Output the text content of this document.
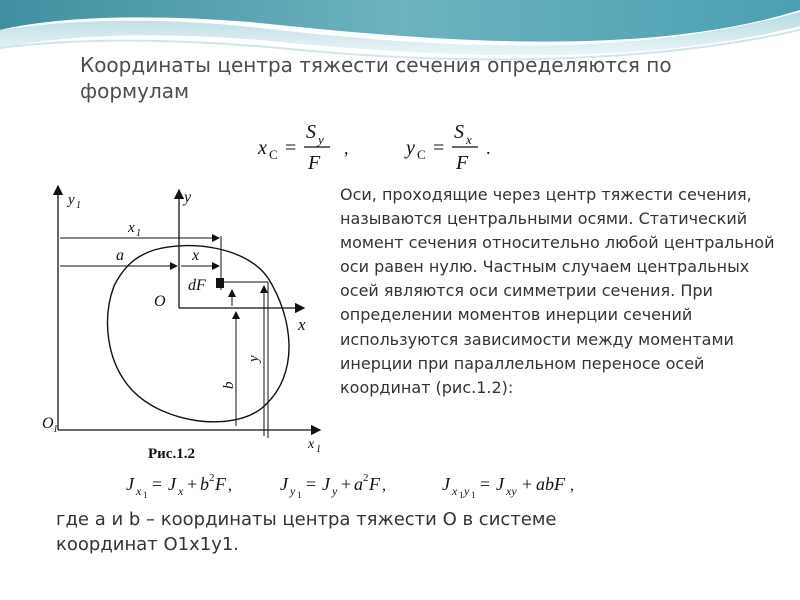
Координаты центра тяжести сечения определяются по формулам
x C =
S y
F
,	y C =
S x
F
.
y 1	y
x 1
a	x
dF
O
x
b
y
O 1
x 1
Рис.1.2

Оси, проходящие через центр тяжести сечения, называются центральными осями. Статический момент сечения относительно любой центральной оси равен нулю. Частным случаем центральных осей являются оси симметрии сечения. При определении моментов инерции сечений используются зависимости между моментами инерции при параллельном переносе осей координат (рис.1.2):

J x 1
= J x + b 2 F ,	J y 1
= J y + a 2 F ,	J x 1 y 1
= J xy + abF ,

где а и b – координаты центра тяжести О в системе
координат О1х1у1.
